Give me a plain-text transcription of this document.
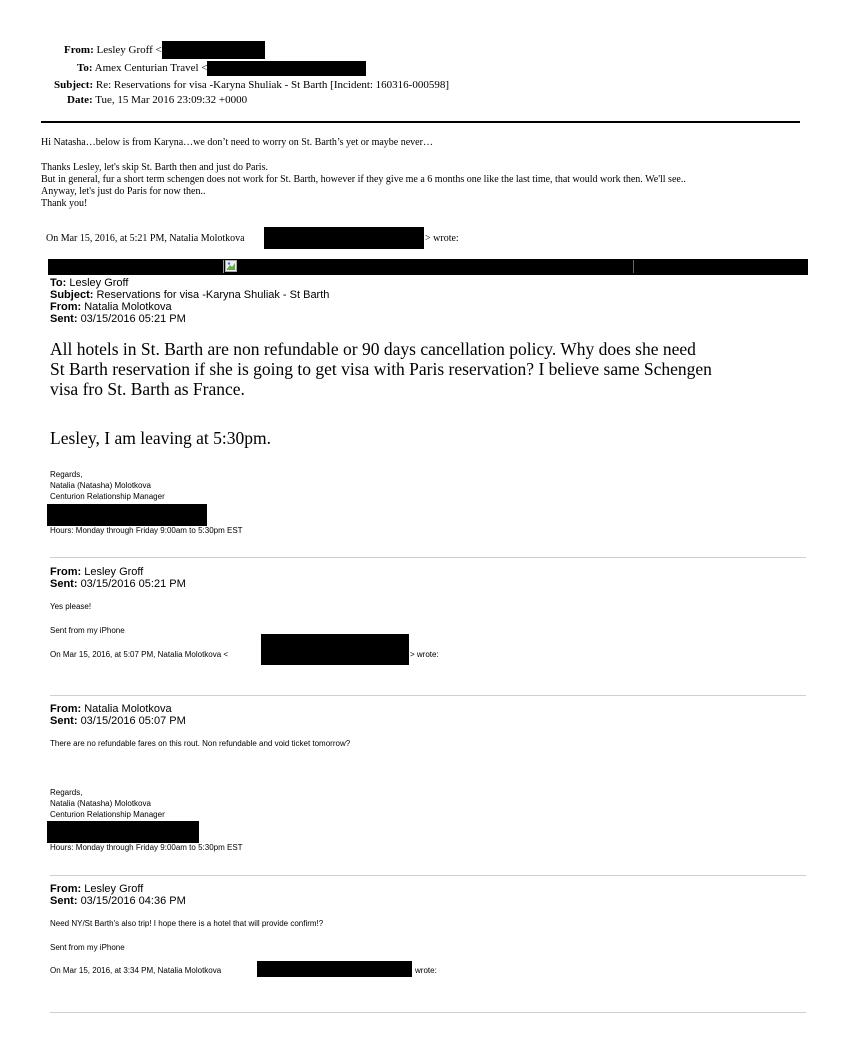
From: Lesley Groff <
To: Amex Centurian Travel <
Subject: Re: Reservations for visa -Karyna Shuliak - St Barth [Incident: 160316-000598]
Date: Tue, 15 Mar 2016 23:09:32 +0000
Hi Natasha…below is from Karyna…we don’t need to worry on St. Barth’s yet or maybe never…
Thanks Lesley, let's skip St. Barth then and just do Paris.
But in general, fur a short term schengen does not work for St. Barth, however if they give me a 6 months one like the last time, that would work then. We'll see..
Anyway, let's just do Paris for now then..
Thank you!
On Mar 15, 2016, at 5:21 PM, Natalia Molotkova	> wrote:
To: Lesley Groff
Subject: Reservations for visa -Karyna Shuliak - St Barth
From: Natalia Molotkova
Sent: 03/15/2016 05:21 PM
All hotels in St. Barth are non refundable or 90 days cancellation policy. Why does she need
St Barth reservation if she is going to get visa with Paris reservation? I believe same Schengen
visa fro St. Barth as France.
Lesley, I am leaving at 5:30pm.
Regards,
Natalia (Natasha) Molotkova
Centurion Relationship Manager
Hours: Monday through Friday 9:00am to 5:30pm EST
From: Lesley Groff
Sent: 03/15/2016 05:21 PM
Yes please!
Sent from my iPhone
On Mar 15, 2016, at 5:07 PM, Natalia Molotkova <	> wrote:
From: Natalia Molotkova
Sent: 03/15/2016 05:07 PM
There are no refundable fares on this rout. Non refundable and void ticket tomorrow?
Regards,
Natalia (Natasha) Molotkova
Centurion Relationship Manager
Hours: Monday through Friday 9:00am to 5:30pm EST
From: Lesley Groff
Sent: 03/15/2016 04:36 PM
Need NY/St Barth's also trip! I hope there is a hotel that will provide confirm!?
Sent from my iPhone
On Mar 15, 2016, at 3:34 PM, Natalia Molotkova	wrote:
